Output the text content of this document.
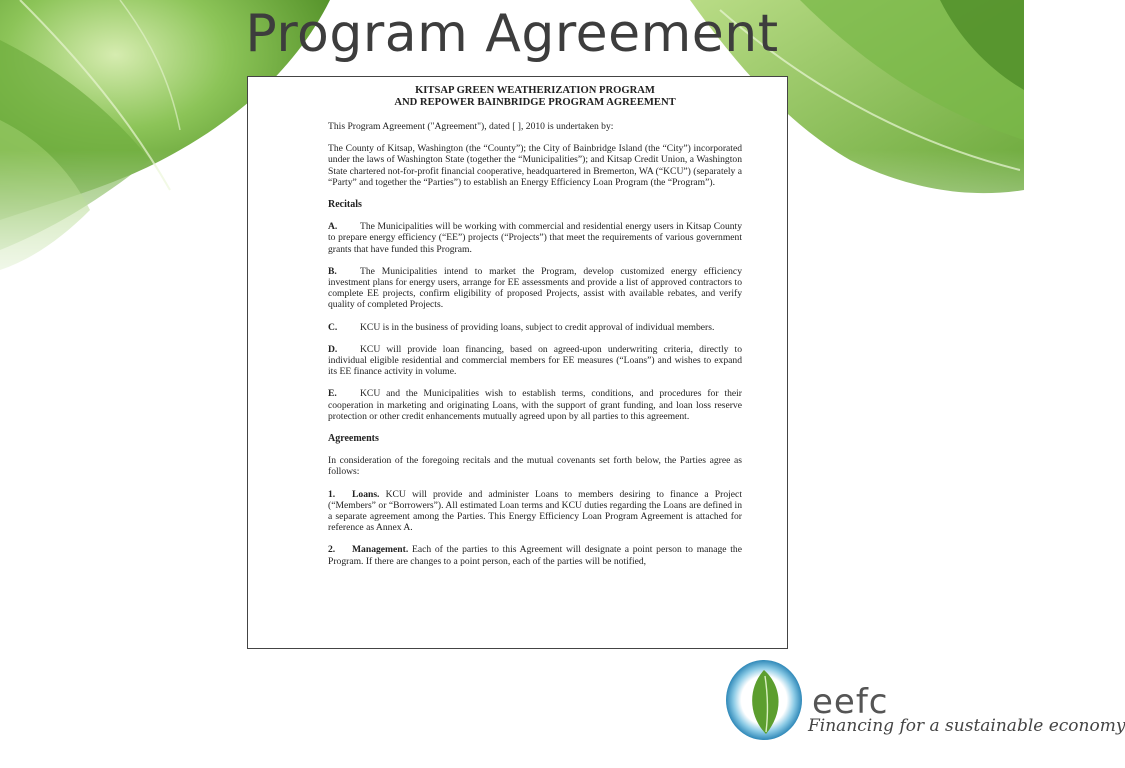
Program Agreement

KITSAP GREEN WEATHERIZATION PROGRAM

AND REPOWER BAINBRIDGE PROGRAM AGREEMENT

This Program Agreement ("Agreement"), dated [ ], 2010 is undertaken by:

The County of Kitsap, Washington (the “County”); the City of Bainbridge Island (the “City”) incorporated under the laws of Washington State (together the “Municipalities”); and Kitsap Credit Union, a Washington State chartered not-for-profit financial cooperative, headquartered in Bremerton, WA (“KCU”) (separately a “Party” and together the “Parties”) to establish an Energy Efficiency Loan Program (the “Program”).

Recitals

A. The Municipalities will be working with commercial and residential energy users in Kitsap County to prepare energy efficiency (“EE”) projects (“Projects”) that meet the requirements of various government grants that have funded this Program.

B. The Municipalities intend to market the Program, develop customized energy efficiency investment plans for energy users, arrange for EE assessments and provide a list of approved contractors to complete EE projects, confirm eligibility of proposed Projects, assist with available rebates, and verify quality of completed Projects.

C. KCU is in the business of providing loans, subject to credit approval of individual members.

D. KCU will provide loan financing, based on agreed-upon underwriting criteria, directly to individual eligible residential and commercial members for EE measures (“Loans”) and wishes to expand its EE finance activity in volume.

E. KCU and the Municipalities wish to establish terms, conditions, and procedures for their cooperation in marketing and originating Loans, with the support of grant funding, and loan loss reserve protection or other credit enhancements mutually agreed upon by all parties to this agreement.

Agreements

In consideration of the foregoing recitals and the mutual covenants set forth below, the Parties agree as follows:

1. Loans. KCU will provide and administer Loans to members desiring to finance a Project (“Members” or “Borrowers”). All estimated Loan terms and KCU duties regarding the Loans are defined in a separate agreement among the Parties. This Energy Efficiency Loan Program Agreement is attached for reference as Annex A.

2. Management. Each of the parties to this Agreement will designate a point person to manage the Program. If there are changes to a point person, each of the parties will be notified,

eefc
Financing for a sustainable economy
